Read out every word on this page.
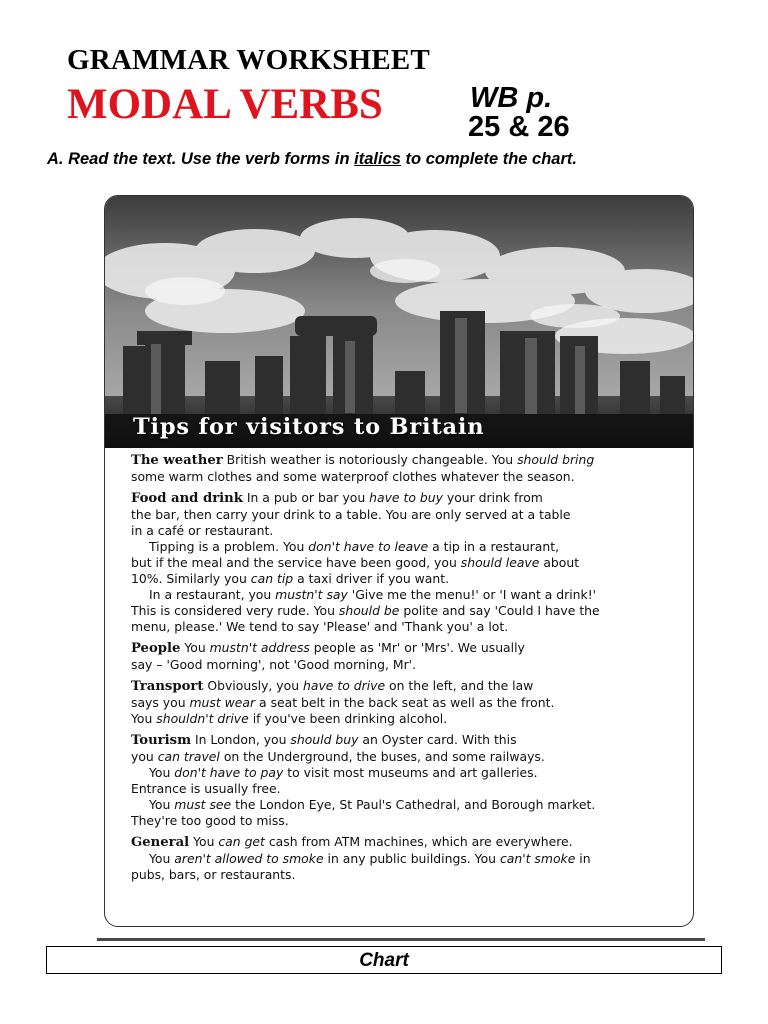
GRAMMAR WORKSHEET
MODAL VERBS	WB p.
25 & 26
A. Read the text. Use the verb forms in italics to complete the chart.
Tips for visitors to Britain

The weather British weather is notoriously changeable. You should bring
some warm clothes and some waterproof clothes whatever the season.

Food and drink In a pub or bar you have to buy your drink from
the bar, then carry your drink to a table. You are only served at a table
in a café or restaurant.
Tipping is a problem. You don't have to leave a tip in a restaurant,
but if the meal and the service have been good, you should leave about
10%. Similarly you can tip a taxi driver if you want.
In a restaurant, you mustn't say 'Give me the menu!' or 'I want a drink!'
This is considered very rude. You should be polite and say 'Could I have the
menu, please.' We tend to say 'Please' and 'Thank you' a lot.

People You mustn't address people as 'Mr' or 'Mrs'. We usually
say – 'Good morning', not 'Good morning, Mr'.

Transport Obviously, you have to drive on the left, and the law
says you must wear a seat belt in the back seat as well as the front.
You shouldn't drive if you've been drinking alcohol.

Tourism In London, you should buy an Oyster card. With this
you can travel on the Underground, the buses, and some railways.
You don't have to pay to visit most museums and art galleries.
Entrance is usually free.
You must see the London Eye, St Paul's Cathedral, and Borough market.
They're too good to miss.

General You can get cash from ATM machines, which are everywhere.
You aren't allowed to smoke in any public buildings. You can't smoke in
pubs, bars, or restaurants.

Chart
